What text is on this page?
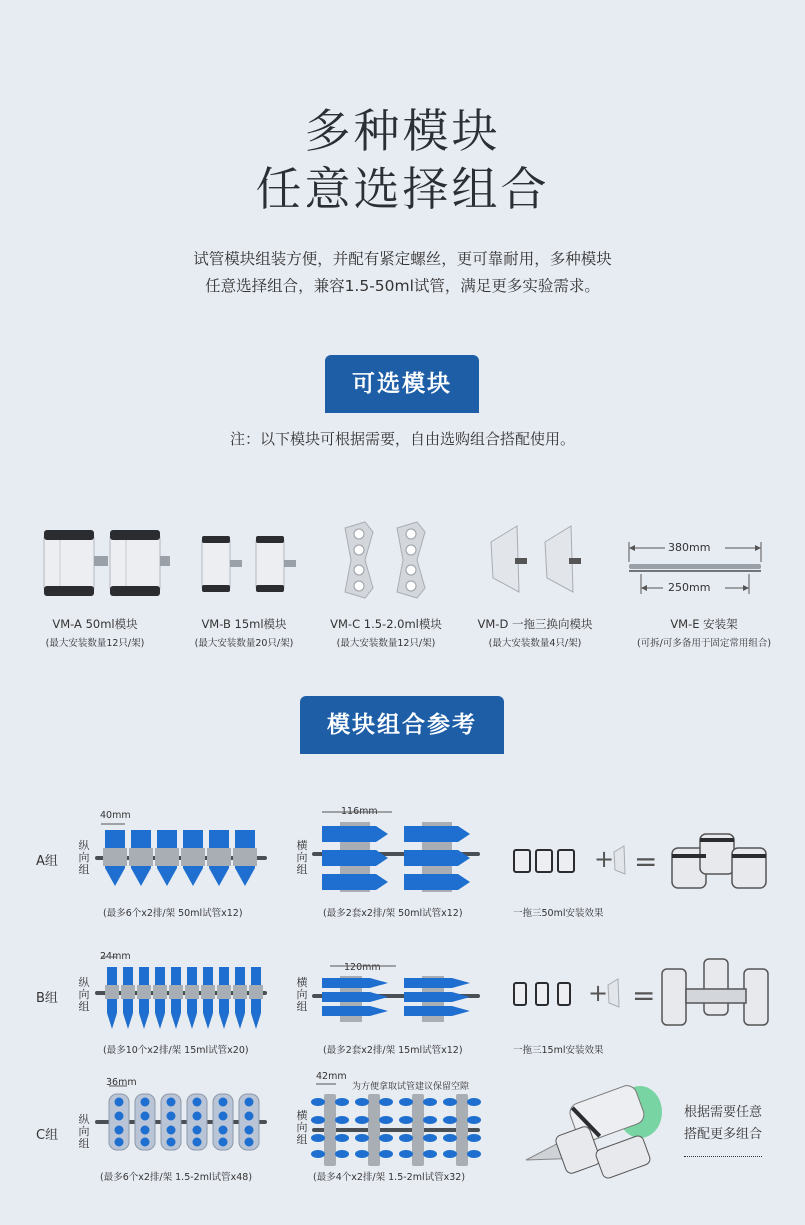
多种模块
任意选择组合
试管模块组装方便，并配有紧定螺丝，更可靠耐用，多种模块
任意选择组合，兼容1.5-50ml试管，满足更多实验需求。
可选模块
注：以下模块可根据需要，自由选购组合搭配使用。
380mm
250mm
VM-A 50ml模块
(最大安装数量12只/架)
VM-B 15ml模块
(最大安装数量20只/架)
VM-C 1.5-2.0ml模块
(最大安装数量12只/架)
VM-D 一拖三换向模块
(最大安装数量4只/架)
VM-E 安装架
(可拆/可多备用于固定常用组合)
模块组合参考
A组
B组
C组
纵
向
组
纵
向
组
纵
向
组
横
向
组
横
向
组
横
向
组
40mm	116mm
24mm
120mm
36mm
42mm
为方便拿取试管建议保留空隙
(最多6个x2排/架 50ml试管x12)	(最多2套x2排/架 50ml试管x12)	一拖三50ml安装效果
(最多10个x2排/架 15ml试管x20)	(最多2套x2排/架 15ml试管x12)	一拖三15ml安装效果
(最多6个x2排/架 1.5-2ml试管x48)	(最多4个x2排/架 1.5-2ml试管x32)
根据需要任意
搭配更多组合
+ =
+ =
